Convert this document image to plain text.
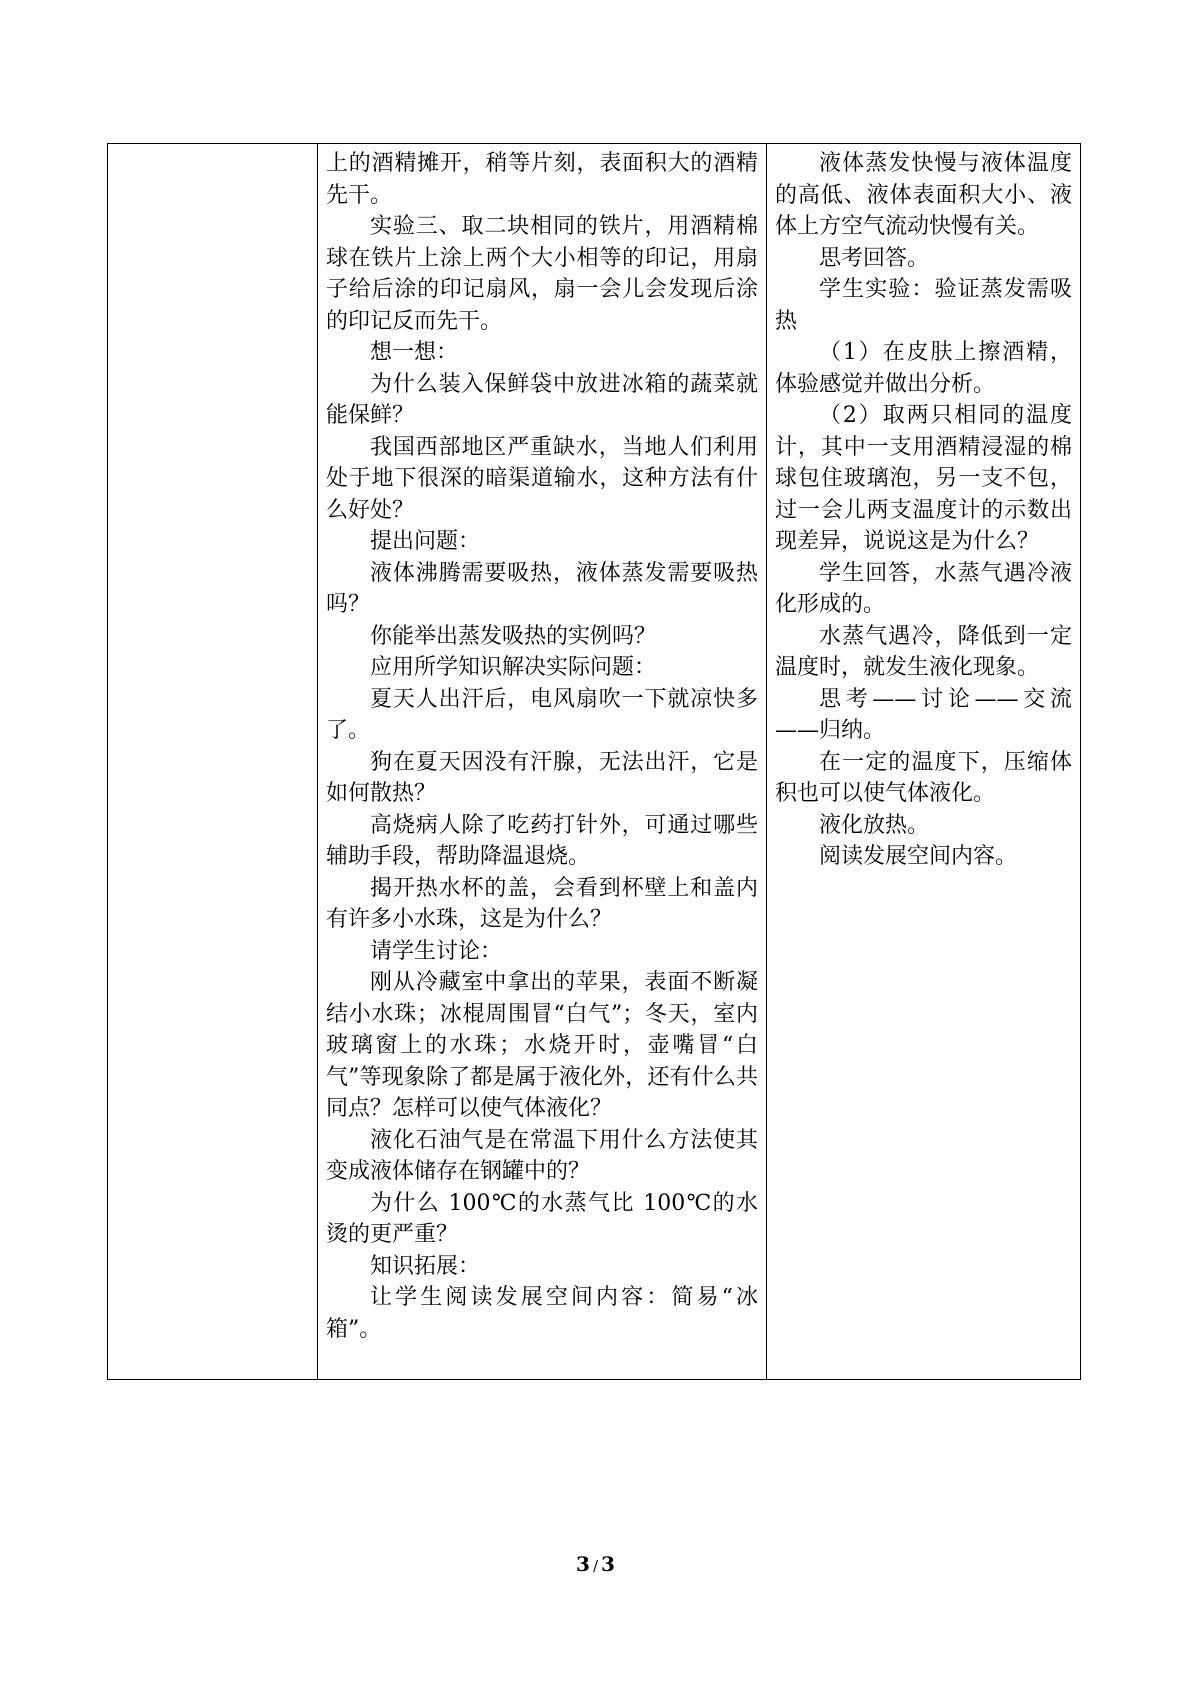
上的酒精摊开，稍等片刻，表面积大的酒精先干。

实验三、取二块相同的铁片，用酒精棉球在铁片上涂上两个大小相等的印记，用扇子给后涂的印记扇风，扇一会儿会发现后涂的印记反而先干。

想一想：

为什么装入保鲜袋中放进冰箱的蔬菜就能保鲜？

我国西部地区严重缺水，当地人们利用处于地下很深的暗渠道输水，这种方法有什么好处？

提出问题：

液体沸腾需要吸热，液体蒸发需要吸热吗？

你能举出蒸发吸热的实例吗？

应用所学知识解决实际问题：

夏天人出汗后，电风扇吹一下就凉快多了。

狗在夏天因没有汗腺，无法出汗，它是如何散热？

高烧病人除了吃药打针外，可通过哪些辅助手段，帮助降温退烧。

揭开热水杯的盖，会看到杯壁上和盖内有许多小水珠，这是为什么？

请学生讨论：

刚从冷藏室中拿出的苹果，表面不断凝结小水珠；冰棍周围冒“白气”；冬天，室内玻璃窗上的水珠；水烧开时，壶嘴冒“白气”等现象除了都是属于液化外，还有什么共同点？怎样可以使气体液化？

液化石油气是在常温下用什么方法使其变成液体储存在钢罐中的？

为什么 100℃的水蒸气比 100℃的水烫的更严重？

知识拓展：

让学生阅读发展空间内容：简易“冰箱”。

液体蒸发快慢与液体温度的高低、液体表面积大小、液体上方空气流动快慢有关。

思考回答。

学生实验：验证蒸发需吸热

（1）在皮肤上擦酒精，体验感觉并做出分析。

（2）取两只相同的温度计，其中一支用酒精浸湿的棉球包住玻璃泡，另一支不包，过一会儿两支温度计的示数出现差异，说说这是为什么？

学生回答，水蒸气遇冷液化形成的。

水蒸气遇冷，降低到一定温度时，就发生液化现象。

思考——讨论——交流——归纳。

在一定的温度下，压缩体积也可以使气体液化。

液化放热。

阅读发展空间内容。

3 / 3
